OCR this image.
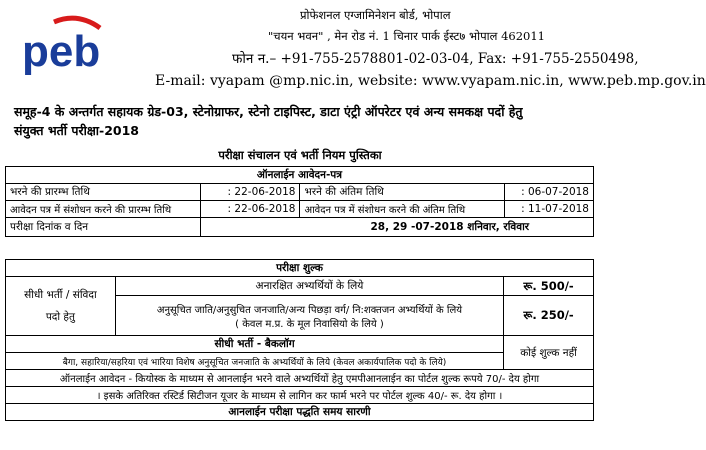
peb
प्रोफेशनल एग्जामिनेशन बोर्ड, भोपाल
"चयन भवन" , मेन रोड नं. 1 चिनार पार्क ईस्ट७ भोपाल 462011
फोन न.– +91-755-2578801-02-03-04, Fax: +91-755-2550498,
E-mail: vyapam @mp.nic.in, website: www.vyapam.nic.in, www.peb.mp.gov.in
समूह-4 के अन्तर्गत सहायक ग्रेड-03, स्टेनोग्राफर, स्टेनो टाइपिस्ट, डाटा एंट्री ऑपरेटर एवं अन्य समकक्ष पदों हेतु
संयुक्त भर्ती परीक्षा-2018
परीक्षा संचालन एवं भर्ती नियम पुस्तिका
ऑनलाईन आवेदन-पत्र			
भरने की प्रारम्भ तिथि	: 22-06-2018	भरने की अंतिम तिथि	: 06-07-2018
आवेदन पत्र में संशोधन करने की प्रारम्भ तिथि	: 22-06-2018	आवेदन पत्र में संशोधन करने की अंतिम तिथि	: 11-07-2018
परीक्षा दिनांक व दिन	28, 29 -07-2018 शनिवार, रविवार		
परीक्षा शुल्क		

सीधी भर्ती / संविदा
पदो हेतु	अनारक्षित अभ्यर्थियों के लिये	रू. 500/-

	अनुसूचित जाति/अनुसुचित जनजाति/अन्य पिछड़ा वर्ग/ नि:शक्तजन अभ्यर्थियों के लिये
( केवल म.प्र. के मूल निवासियो के लिये )	रू. 250/-
सीधी भर्ती - बैकलॉग		कोई शुल्क नहीं
बैगा, सहारिया/सहरिया एवं भारिया विशेष अनुसूचित जनजाति के अभ्यर्थियों के लिये (केवल अकार्यपालिक पदो के लिये)		
ऑनलाईन आवेदन - कियोस्क के माध्यम से आनलाईन भरने वाले अभ्यर्थियों हेतु एमपीआनलाईन का पोर्टल शुल्क रूपये 70/- देय होगा		
। इसके अतिरिक्त रस्टिर्ड सिटीजन यूजर के माध्यम से लागिन कर फार्म भरने पर पोर्टल शुल्क 40/- रू. देय होगा ।		
आनलाईन परीक्षा पद्धति समय सारणी		
